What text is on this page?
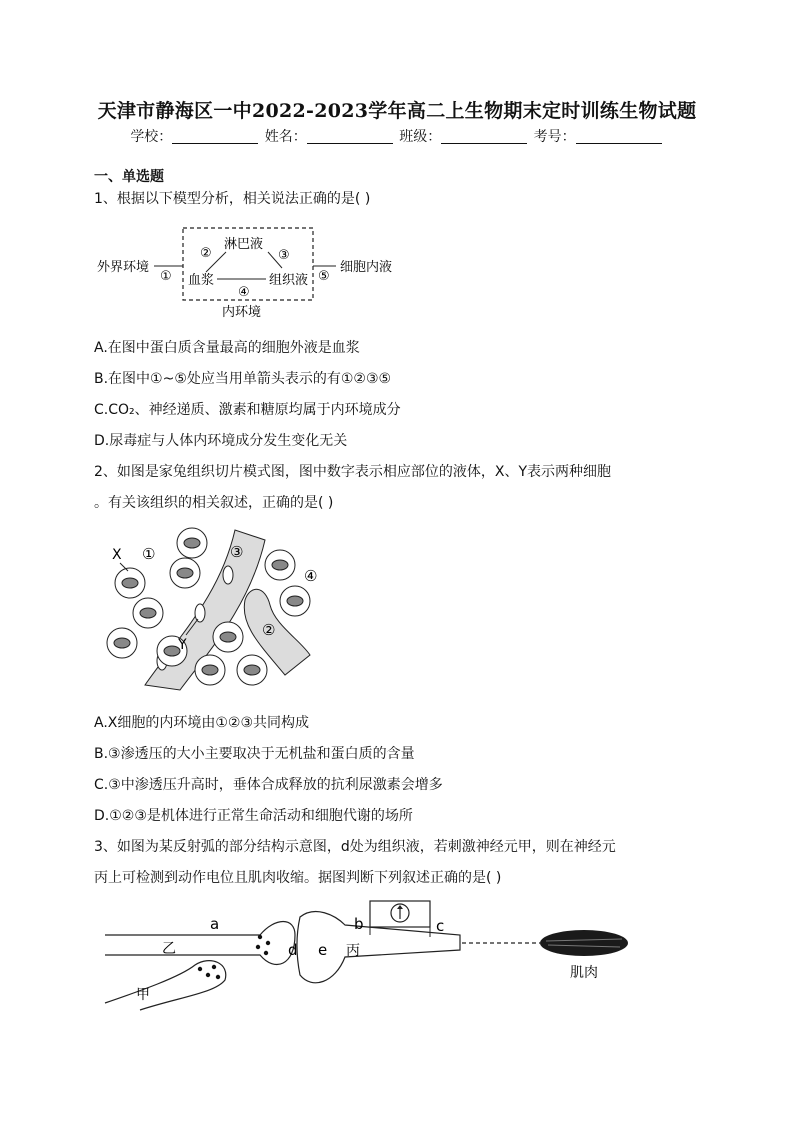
天津市静海区一中2022-2023学年高二上生物期末定时训练生物试题
学校：	姓名：	班级：	考号：
一、单选题
1、根据以下模型分析，相关说法正确的是( )
外界环境
①
淋巴液
②	③
血浆	组织液
④
⑤
细胞内液
内环境
A.在图中蛋白质含量最高的细胞外液是血浆
B.在图中①~⑤处应当用单箭头表示的有①②③⑤
C.CO₂、神经递质、激素和糖原均属于内环境成分
D.尿毒症与人体内环境成分发生变化无关
2、如图是家兔组织切片模式图，图中数字表示相应部位的液体，X、Y表示两种细胞
。有关该组织的相关叙述，正确的是( )
X ①	③
④
②
Y
A.X细胞的内环境由①②③共同构成
B.③渗透压的大小主要取决于无机盐和蛋白质的含量
C.③中渗透压升高时，垂体合成释放的抗利尿激素会增多
D.①②③是机体进行正常生命活动和细胞代谢的场所
3、如图为某反射弧的部分结构示意图，d处为组织液，若刺激神经元甲，则在神经元
丙上可检测到动作电位且肌肉收缩。据图判断下列叙述正确的是( )
a
乙
甲
d e 丙
b	c
肌肉
